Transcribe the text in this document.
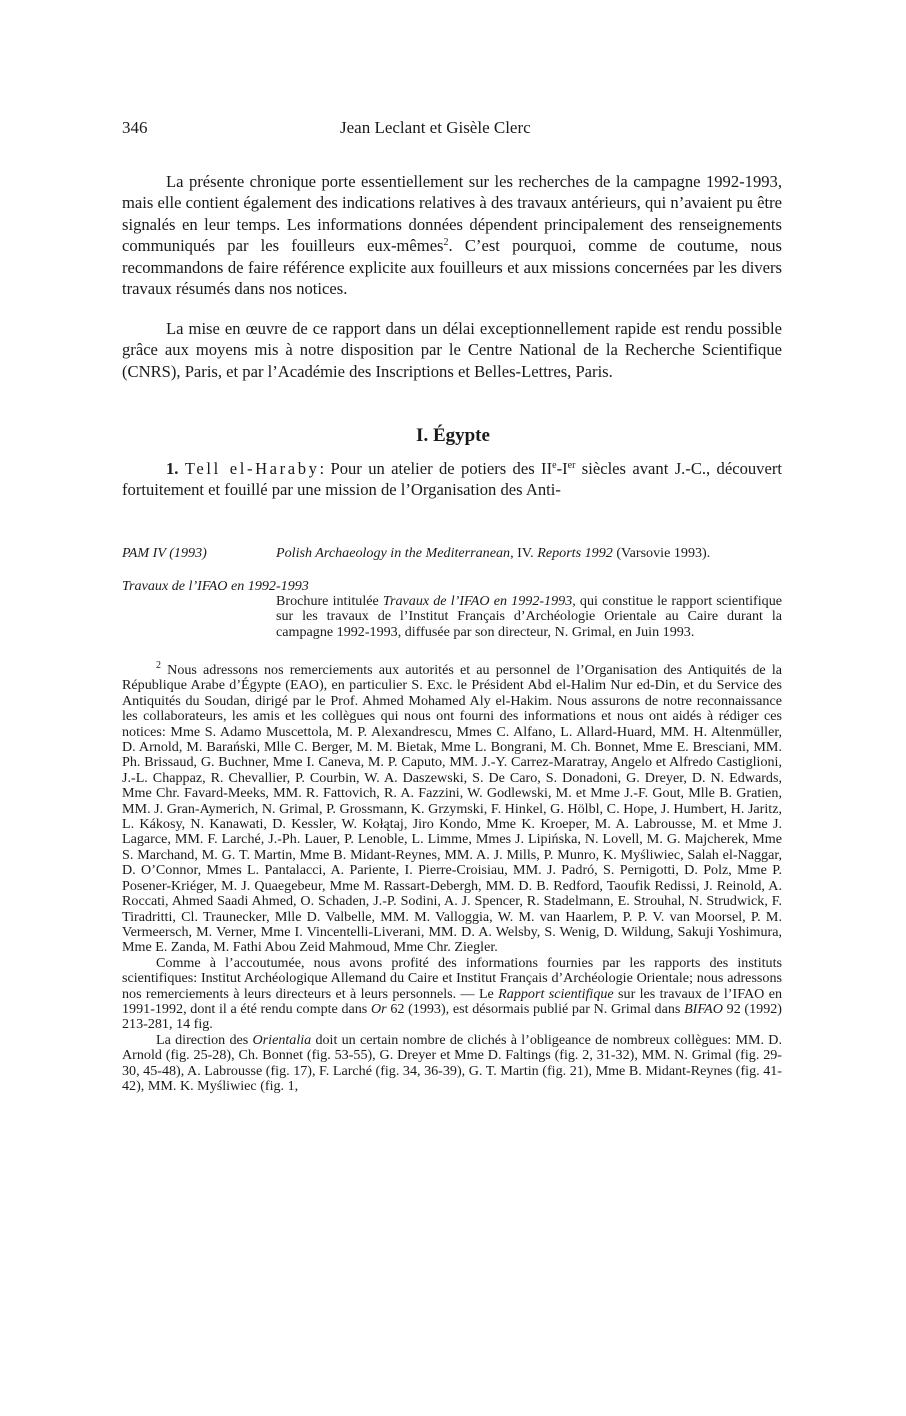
346	Jean Leclant et Gisèle Clerc

La présente chronique porte essentiellement sur les recherches de la campagne 1992-1993, mais elle contient également des indications relatives à des travaux antérieurs, qui n’avaient pu être signalés en leur temps. Les informations données dépendent principalement des renseignements communiqués par les fouilleurs eux-mêmes$^2$. C’est pourquoi, comme de coutume, nous recommandons de faire référence explicite aux fouilleurs et aux missions concernées par les divers travaux résumés dans nos notices.

La mise en œuvre de ce rapport dans un délai exceptionnellement rapide est rendu possible grâce aux moyens mis à notre disposition par le Centre National de la Recherche Scientifique (CNRS), Paris, et par l’Académie des Inscriptions et Belles-Lettres, Paris.

I. Égypte

1. Tell el-Haraby: Pour un atelier de potiers des IIe-Ier siècles avant J.-C., découvert fortuitement et fouillé par une mission de l’Organisation des Anti-

PAM IV (1993)	Polish Archaeology in the Mediterranean, IV. Reports 1992 (Varsovie 1993).
Travaux de l’IFAO en 1992-1993
Brochure intitulée Travaux de l’IFAO en 1992-1993, qui constitue le rapport scientifique sur les travaux de l’Institut Français d’Archéologie Orientale au Caire durant la campagne 1992-1993, diffusée par son directeur, N. Grimal, en Juin 1993.

$^2$ Nous adressons nos remerciements aux autorités et au personnel de l’Organisation des Antiquités de la République Arabe d’Égypte (EAO), en particulier S. Exc. le Président Abd el-Halim Nur ed-Din, et du Service des Antiquités du Soudan, dirigé par le Prof. Ahmed Mohamed Aly el-Hakim. Nous assurons de notre reconnaissance les collaborateurs, les amis et les collègues qui nous ont fourni des informations et nous ont aidés à rédiger ces notices: Mme S. Adamo Muscettola, M. P. Alexandrescu, Mmes C. Alfano, L. Allard-Huard, MM. H. Altenmüller, D. Arnold, M. Barański, Mlle C. Berger, M. M. Bietak, Mme L. Bongrani, M. Ch. Bonnet, Mme E. Bresciani, MM. Ph. Brissaud, G. Buchner, Mme I. Caneva, M. P. Caputo, MM. J.-Y. Carrez-Maratray, Angelo et Alfredo Castiglioni, J.-L. Chappaz, R. Chevallier, P. Courbin, W. A. Daszewski, S. De Caro, S. Donadoni, G. Dreyer, D. N. Edwards, Mme Chr. Favard-Meeks, MM. R. Fattovich, R. A. Fazzini, W. Godlewski, M. et Mme J.-F. Gout, Mlle B. Gratien, MM. J. Gran-Aymerich, N. Grimal, P. Grossmann, K. Grzymski, F. Hinkel, G. Hölbl, C. Hope, J. Humbert, H. Jaritz, L. Kákosy, N. Kanawati, D. Kessler, W. Kołątaj, Jiro Kondo, Mme K. Kroeper, M. A. Labrousse, M. et Mme J. Lagarce, MM. F. Larché, J.-Ph. Lauer, P. Lenoble, L. Limme, Mmes J. Lipińska, N. Lovell, M. G. Majcherek, Mme S. Marchand, M. G. T. Martin, Mme B. Midant-Reynes, MM. A. J. Mills, P. Munro, K. Myśliwiec, Salah el-Naggar, D. O’Connor, Mmes L. Pantalacci, A. Pariente, I. Pierre-Croisiau, MM. J. Padró, S. Pernigotti, D. Polz, Mme P. Posener-Kriéger, M. J. Quaegebeur, Mme M. Rassart-Debergh, MM. D. B. Redford, Taoufik Redissi, J. Reinold, A. Roccati, Ahmed Saadi Ahmed, O. Schaden, J.-P. Sodini, A. J. Spencer, R. Stadelmann, E. Strouhal, N. Strudwick, F. Tiradritti, Cl. Traunecker, Mlle D. Valbelle, MM. M. Valloggia, W. M. van Haarlem, P. P. V. van Moorsel, P. M. Vermeersch, M. Verner, Mme I. Vincentelli-Liverani, MM. D. A. Welsby, S. Wenig, D. Wildung, Sakuji Yoshimura, Mme E. Zanda, M. Fathi Abou Zeid Mahmoud, Mme Chr. Ziegler.

Comme à l’accoutumée, nous avons profité des informations fournies par les rapports des instituts scientifiques: Institut Archéologique Allemand du Caire et Institut Français d’Archéologie Orientale; nous adressons nos remerciements à leurs directeurs et à leurs personnels. — Le Rapport scientifique sur les travaux de l’IFAO en 1991-1992, dont il a été rendu compte dans Or 62 (1993), est désormais publié par N. Grimal dans BIFAO 92 (1992) 213-281, 14 fig.

La direction des Orientalia doit un certain nombre de clichés à l’obligeance de nombreux collègues: MM. D. Arnold (fig. 25-28), Ch. Bonnet (fig. 53-55), G. Dreyer et Mme D. Faltings (fig. 2, 31-32), MM. N. Grimal (fig. 29-30, 45-48), A. Labrousse (fig. 17), F. Larché (fig. 34, 36-39), G. T. Martin (fig. 21), Mme B. Midant-Reynes (fig. 41-42), MM. K. Myśliwiec (fig. 1,
